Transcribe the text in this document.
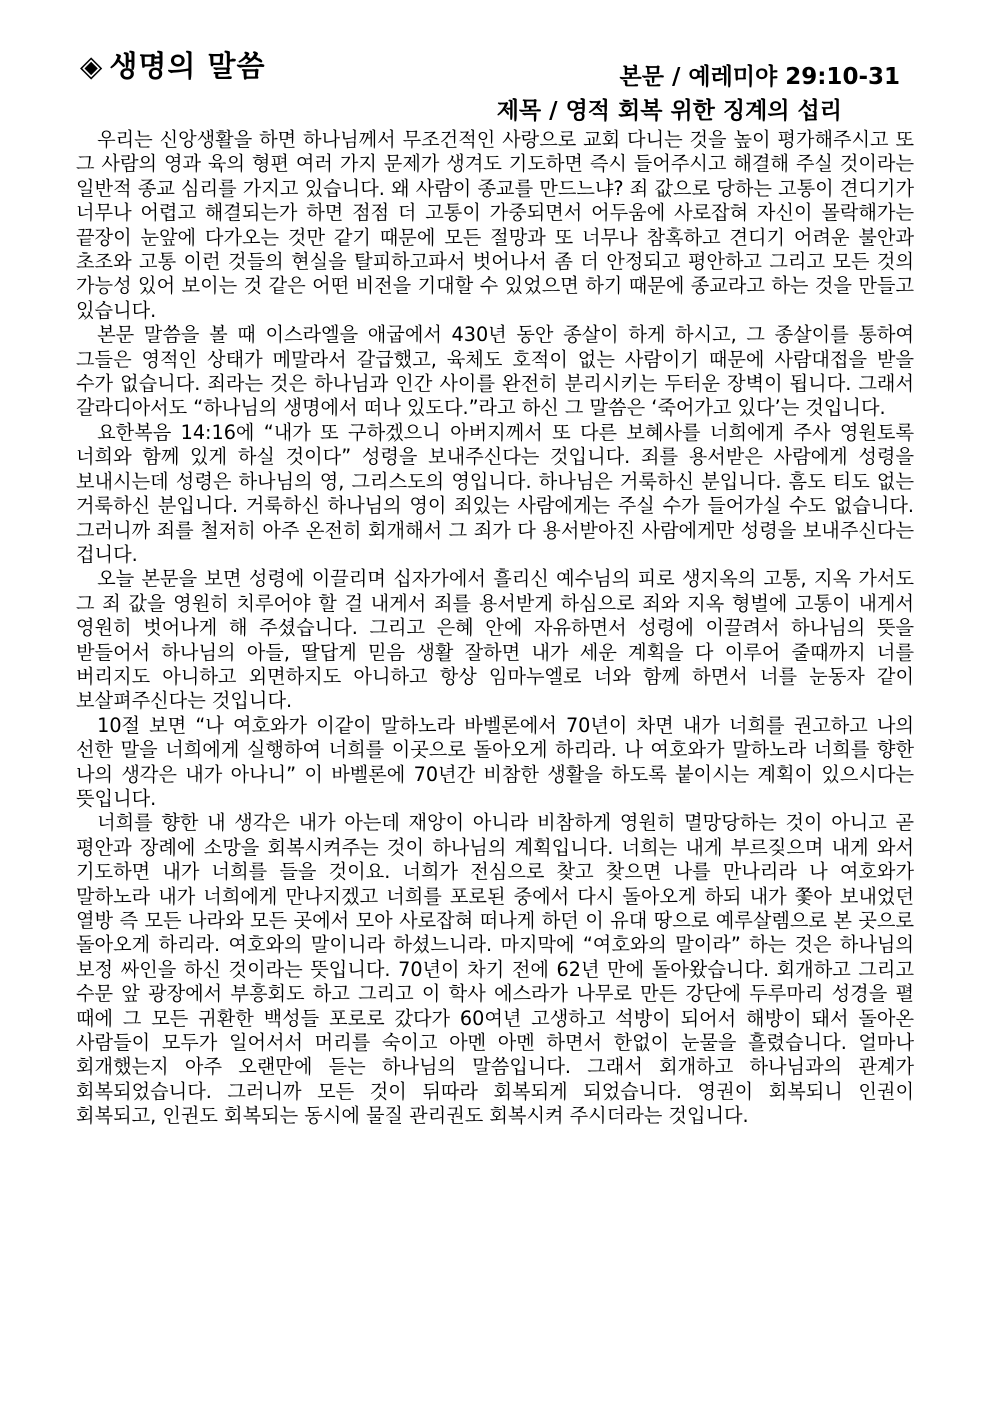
◈ 생명의 말씀	본문 / 예레미야 29:10-31
제목 / 영적 회복 위한 징계의 섭리

우리는 신앙생활을 하면 하나님께서 무조건적인 사랑으로 교회 다니는 것을 높이 평가해주시고 또 그 사람의 영과 육의 형편 여러 가지 문제가 생겨도 기도하면 즉시 들어주시고 해결해 주실 것이라는 일반적 종교 심리를 가지고 있습니다. 왜 사람이 종교를 만드느냐? 죄 값으로 당하는 고통이 견디기가 너무나 어렵고 해결되는가 하면 점점 더 고통이 가중되면서 어두움에 사로잡혀 자신이 몰락해가는 끝장이 눈앞에 다가오는 것만 같기 때문에 모든 절망과 또 너무나 참혹하고 견디기 어려운 불안과 초조와 고통 이런 것들의 현실을 탈피하고파서 벗어나서 좀 더 안정되고 평안하고 그리고 모든 것의 가능성 있어 보이는 것 같은 어떤 비전을 기대할 수 있었으면 하기 때문에 종교라고 하는 것을 만들고 있습니다.

본문 말씀을 볼 때 이스라엘을 애굽에서 430년 동안 종살이 하게 하시고, 그 종살이를 통하여 그들은 영적인 상태가 메말라서 갈급했고, 육체도 호적이 없는 사람이기 때문에 사람대접을 받을 수가 없습니다. 죄라는 것은 하나님과 인간 사이를 완전히 분리시키는 두터운 장벽이 됩니다. 그래서 갈라디아서도 “하나님의 생명에서 떠나 있도다.”라고 하신 그 말씀은 ‘죽어가고 있다’는 것입니다.

요한복음 14:16에 “내가 또 구하겠으니 아버지께서 또 다른 보혜사를 너희에게 주사 영원토록 너희와 함께 있게 하실 것이다” 성령을 보내주신다는 것입니다. 죄를 용서받은 사람에게 성령을 보내시는데 성령은 하나님의 영, 그리스도의 영입니다. 하나님은 거룩하신 분입니다. 흠도 티도 없는 거룩하신 분입니다. 거룩하신 하나님의 영이 죄있는 사람에게는 주실 수가 들어가실 수도 없습니다. 그러니까 죄를 철저히 아주 온전히 회개해서 그 죄가 다 용서받아진 사람에게만 성령을 보내주신다는 겁니다.

오늘 본문을 보면 성령에 이끌리며 십자가에서 흘리신 예수님의 피로 생지옥의 고통, 지옥 가서도 그 죄 값을 영원히 치루어야 할 걸 내게서 죄를 용서받게 하심으로 죄와 지옥 형벌에 고통이 내게서 영원히 벗어나게 해 주셨습니다. 그리고 은혜 안에 자유하면서 성령에 이끌려서 하나님의 뜻을 받들어서 하나님의 아들, 딸답게 믿음 생활 잘하면 내가 세운 계획을 다 이루어 줄때까지 너를 버리지도 아니하고 외면하지도 아니하고 항상 임마누엘로 너와 함께 하면서 너를 눈동자 같이 보살펴주신다는 것입니다.

10절 보면 “나 여호와가 이같이 말하노라 바벨론에서 70년이 차면 내가 너희를 권고하고 나의 선한 말을 너희에게 실행하여 너희를 이곳으로 돌아오게 하리라. 나 여호와가 말하노라 너희를 향한 나의 생각은 내가 아나니” 이 바벨론에 70년간 비참한 생활을 하도록 붙이시는 계획이 있으시다는 뜻입니다.

너희를 향한 내 생각은 내가 아는데 재앙이 아니라 비참하게 영원히 멸망당하는 것이 아니고 곧 평안과 장례에 소망을 회복시켜주는 것이 하나님의 계획입니다. 너희는 내게 부르짖으며 내게 와서 기도하면 내가 너희를 들을 것이요. 너희가 전심으로 찾고 찾으면 나를 만나리라 나 여호와가 말하노라 내가 너희에게 만나지겠고 너희를 포로된 중에서 다시 돌아오게 하되 내가 쫓아 보내었던 열방 즉 모든 나라와 모든 곳에서 모아 사로잡혀 떠나게 하던 이 유대 땅으로 예루살렘으로 본 곳으로 돌아오게 하리라. 여호와의 말이니라 하셨느니라. 마지막에 “여호와의 말이라” 하는 것은 하나님의 보정 싸인을 하신 것이라는 뜻입니다. 70년이 차기 전에 62년 만에 돌아왔습니다. 회개하고 그리고 수문 앞 광장에서 부흥회도 하고 그리고 이 학사 에스라가 나무로 만든 강단에 두루마리 성경을 펼 때에 그 모든 귀환한 백성들 포로로 갔다가 60여년 고생하고 석방이 되어서 해방이 돼서 돌아온 사람들이 모두가 일어서서 머리를 숙이고 아멘 아멘 하면서 한없이 눈물을 흘렸습니다. 얼마나 회개했는지 아주 오랜만에 듣는 하나님의 말씀입니다. 그래서 회개하고 하나님과의 관계가 회복되었습니다. 그러니까 모든 것이 뒤따라 회복되게 되었습니다. 영권이 회복되니 인권이 회복되고, 인권도 회복되는 동시에 물질 관리권도 회복시켜 주시더라는 것입니다.
